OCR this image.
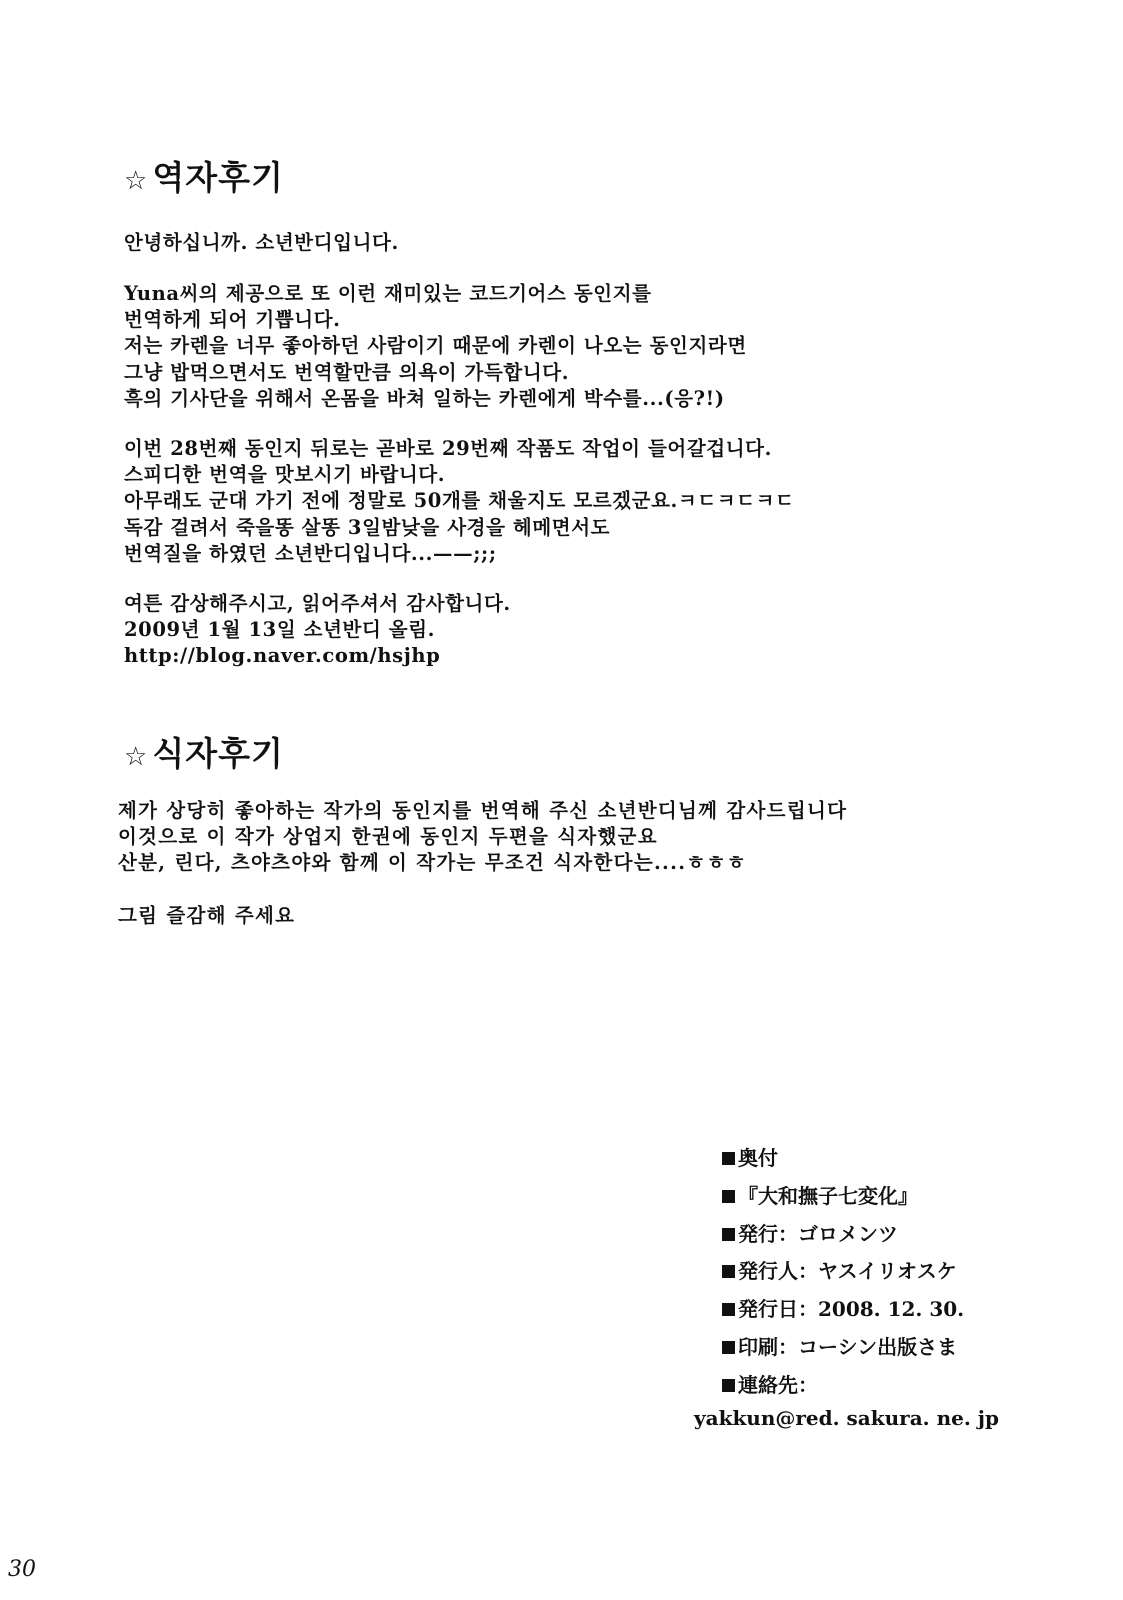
☆ 역자후기
안녕하십니까. 소년반디입니다.
Yuna씨의 제공으로 또 이런 재미있는 코드기어스 동인지를
번역하게 되어 기쁩니다.
저는 카렌을 너무 좋아하던 사람이기 때문에 카렌이 나오는 동인지라면
그냥 밥먹으면서도 번역할만큼 의욕이 가득합니다.
흑의 기사단을 위해서 온몸을 바쳐 일하는 카렌에게 박수를...(응?!)
이번 28번째 동인지 뒤로는 곧바로 29번째 작품도 작업이 들어갈겁니다.
스피디한 번역을 맛보시기 바랍니다.
아무래도 군대 가기 전에 정말로 50개를 채울지도 모르겠군요.ㅋㄷㅋㄷㅋㄷ
독감 걸려서 죽을똥 살똥 3일밤낮을 사경을 헤메면서도
번역질을 하였던 소년반디입니다...——;;;
여튼 감상해주시고, 읽어주셔서 감사합니다.
2009년 1월 13일 소년반디 올림.
http://blog.naver.com/hsjhp
☆ 식자후기
제가 상당히 좋아하는 작가의 동인지를 번역해 주신 소년반디님께 감사드립니다
이것으로 이 작가 상업지 한권에 동인지 두편을 식자했군요
산분, 린다, 츠야츠야와 함께 이 작가는 무조건 식자한다는....ㅎㅎㅎ
그림 즐감해 주세요
奥付
『大和撫子七変化』
発行：ゴロメンツ
発行人：ヤスイリオスケ
発行日：2008. 12. 30.
印刷：コーシン出版さま
連絡先：
yakkun@red. sakura. ne. jp
30
